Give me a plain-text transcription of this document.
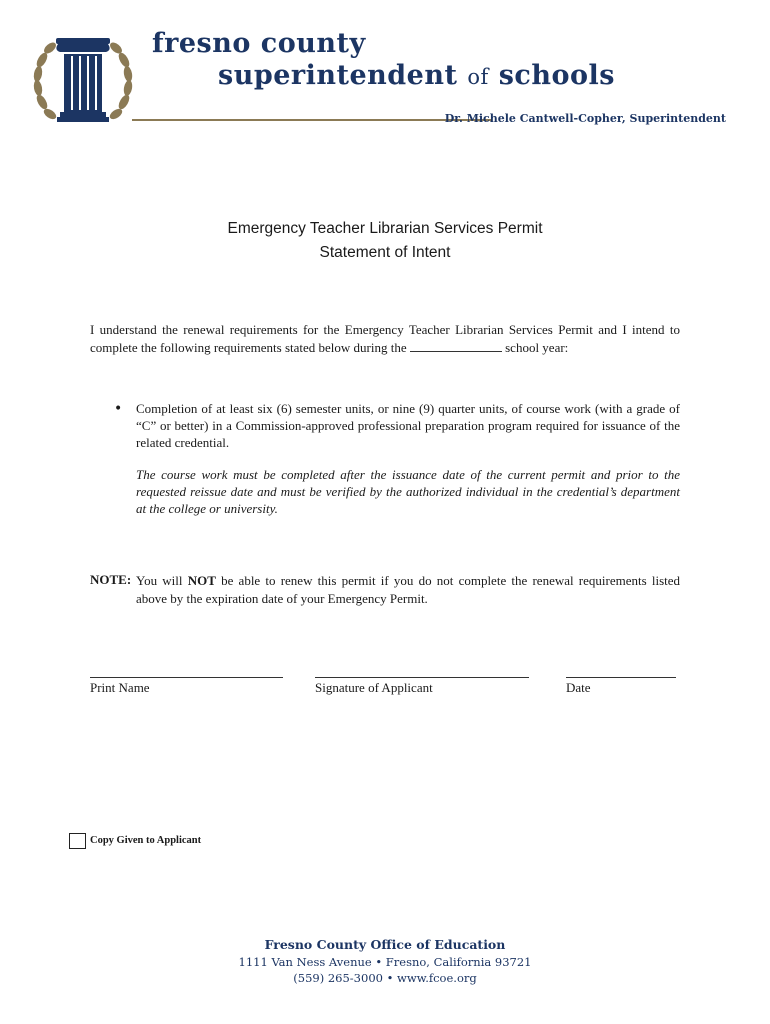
fresno county
superintendent of schools
Dr. Michele Cantwell-Copher, Superintendent
Emergency Teacher Librarian Services Permit
Statement of Intent
I understand the renewal requirements for the Emergency Teacher Librarian Services Permit and I intend to complete the following requirements stated below during the	school year:
• Completion of at least six (6) semester units, or nine (9) quarter units, of course work (with a grade of “C” or better) in a Commission-approved professional preparation program required for issuance of the related credential.
The course work must be completed after the issuance date of the current permit and prior to the requested reissue date and must be verified by the authorized individual in the credential’s department at the college or university.
NOTE: You will NOT be able to renew this permit if you do not complete the renewal requirements listed above by the expiration date of your Emergency Permit.
Print Name	Signature of Applicant	Date
Copy Given to Applicant
Fresno County Office of Education
1111 Van Ness Avenue • Fresno, California 93721
(559) 265-3000 • www.fcoe.org
